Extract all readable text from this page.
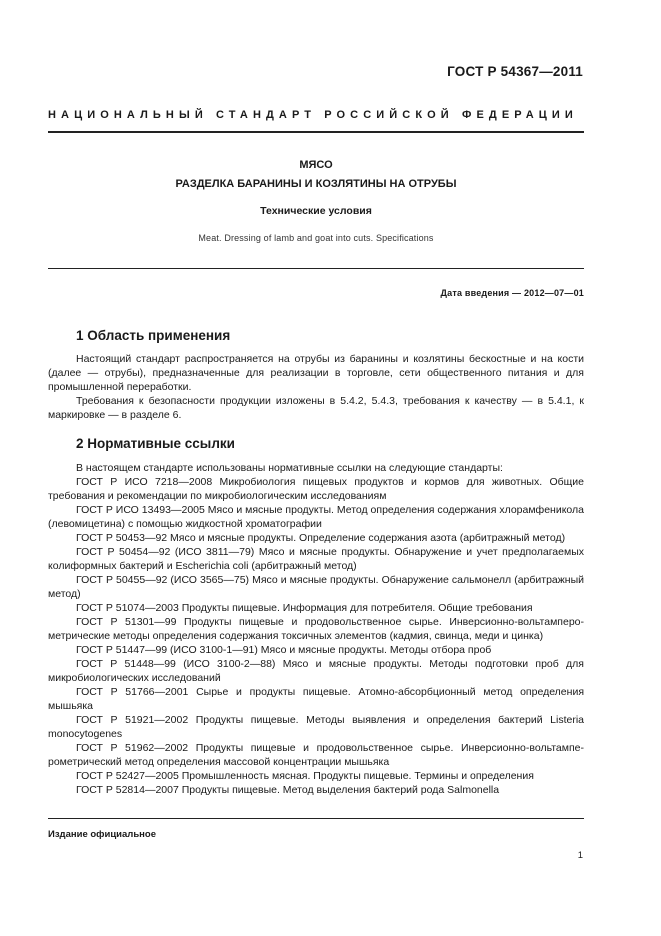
ГОСТ Р 54367—2011
НАЦИОНАЛЬНЫЙ СТАНДАРТ РОССИЙСКОЙ ФЕДЕРАЦИИ
МЯСО
РАЗДЕЛКА БАРАНИНЫ И КОЗЛЯТИНЫ НА ОТРУБЫ
Технические условия
Meat. Dressing of lamb and goat into cuts. Specifications
Дата введения — 2012—07—01
1 Область применения

Настоящий стандарт распространяется на отрубы из баранины и козлятины бескостные и на кости (далее — отрубы), предназначенные для реализации в торговле, сети общественного питания и для промышленной переработки.

Требования к безопасности продукции изложены в 5.4.2, 5.4.3, требования к качеству — в 5.4.1, к маркировке — в разделе 6.

2 Нормативные ссылки

В настоящем стандарте использованы нормативные ссылки на следующие стандарты:

ГОСТ Р ИСО 7218—2008 Микробиология пищевых продуктов и кормов для животных. Общие требования и рекомендации по микробиологическим исследованиям

ГОСТ Р ИСО 13493—2005 Мясо и мясные продукты. Метод определения содержания хлорамфеникола (левомицетина) с помощью жидкостной хроматографии

ГОСТ Р 50453—92 Мясо и мясные продукты. Определение содержания азота (арбитражный метод)

ГОСТ Р 50454—92 (ИСО 3811—79) Мясо и мясные продукты. Обнаружение и учет предполагаемых колиформных бактерий и Escherichia coli (арбитражный метод)

ГОСТ Р 50455—92 (ИСО 3565—75) Мясо и мясные продукты. Обнаружение сальмонелл (арбитражный метод)

ГОСТ Р 51074—2003 Продукты пищевые. Информация для потребителя. Общие требования

ГОСТ Р 51301—99 Продукты пищевые и продовольственное сырье. Инверсионно-вольтамперометрические методы определения содержания токсичных элементов (кадмия, свинца, меди и цинка)

ГОСТ Р 51447—99 (ИСО 3100-1—91) Мясо и мясные продукты. Методы отбора проб

ГОСТ Р 51448—99 (ИСО 3100-2—88) Мясо и мясные продукты. Методы подготовки проб для микробиологических исследований

ГОСТ Р 51766—2001 Сырье и продукты пищевые. Атомно-абсорбционный метод определения мышьяка

ГОСТ Р 51921—2002 Продукты пищевые. Методы выявления и определения бактерий Listeria monocytogenes

ГОСТ Р 51962—2002 Продукты пищевые и продовольственное сырье. Инверсионно-вольтамперометрический метод определения массовой концентрации мышьяка

ГОСТ Р 52427—2005 Промышленность мясная. Продукты пищевые. Термины и определения

ГОСТ Р 52814—2007 Продукты пищевые. Метод выделения бактерий рода Salmonella

Издание официальное
1
